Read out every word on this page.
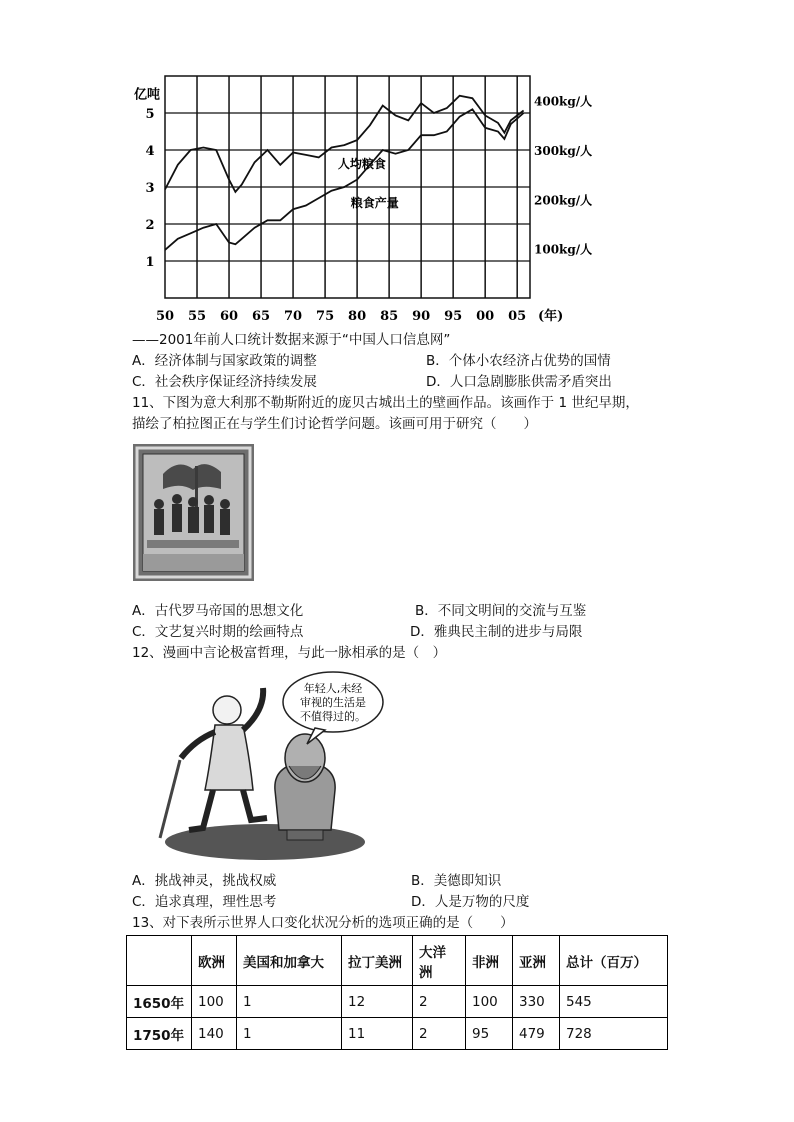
50 55 60 65 70 75 80 85 90 95 00 05 (年)
1
2
3
4
5
亿吨
100kg/人
200kg/人
300kg/人
400kg/人
人均粮食
粮食产量
——2001年前人口统计数据来源于“中国人口信息网”
A．经济体制与国家政策的调整	B．个体小农经济占优势的国情
C．社会秩序保证经济持续发展	D．人口急剧膨胀供需矛盾突出
11、下图为意大利那不勒斯附近的庞贝古城出土的壁画作品。该画作于 1 世纪早期，
描绘了柏拉图正在与学生们讨论哲学问题。该画可用于研究（　　）
A．古代罗马帝国的思想文化	B．不同文明间的交流与互鉴
C．文艺复兴时期的绘画特点	D．雅典民主制的进步与局限
12、漫画中言论极富哲理，与此一脉相承的是（　）
年轻人,未经
审视的生活是
不值得过的。
A．挑战神灵，挑战权威	B．美德即知识
C．追求真理，理性思考	D．人是万物的尺度
13、对下表所示世界人口变化状况分析的选项正确的是（　　）
	欧洲	美国和加拿大	拉丁美洲	大洋洲	非洲	亚洲	总计（百万）
1650年	100	1	12	2	100	330	545
1750年	140	1	11	2	95	479	728
